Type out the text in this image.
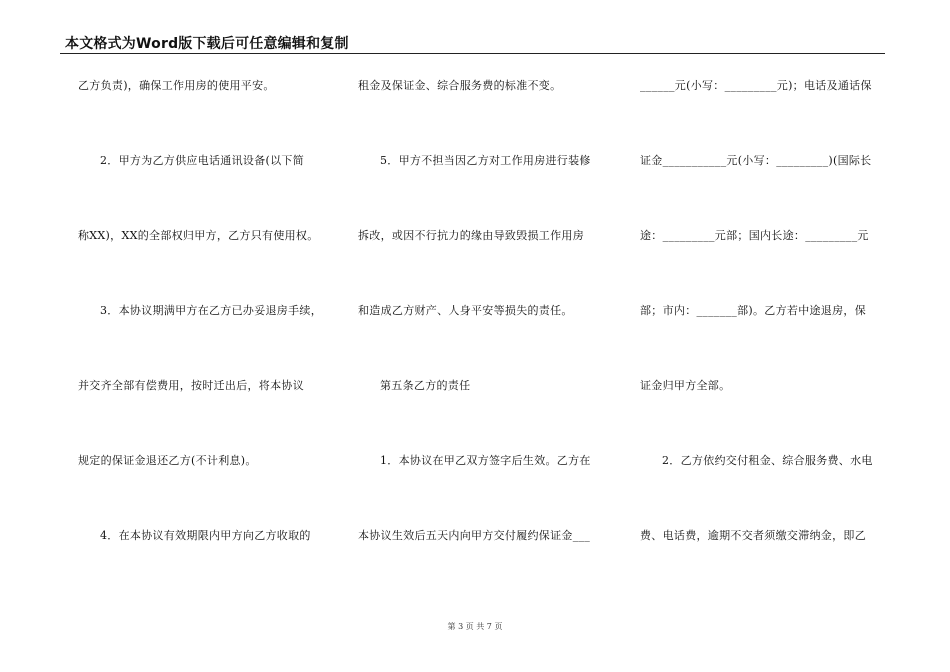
本文格式为Word版下载后可任意编辑和复制
乙方负责)，确保工作用房的使用平安。
2．甲方为乙方供应电话通讯设备(以下简
称XX)，XX的全部权归甲方，乙方只有使用权。
3．本协议期满甲方在乙方已办妥退房手续，
并交齐全部有偿费用，按时迁出后，将本协议
规定的保证金退还乙方(不计利息)。
4．在本协议有效期限内甲方向乙方收取的
租金及保证金、综合服务费的标准不变。
5．甲方不担当因乙方对工作用房进行装修
拆改，或因不行抗力的缘由导致毁损工作用房
和造成乙方财产、人身平安等损失的责任。
第五条乙方的责任
1．本协议在甲乙双方签字后生效。乙方在
本协议生效后五天内向甲方交付履约保证金___
______元(小写：_________元)；电话及通话保
证金___________元(小写：_________)(国际长
途：_________元部；国内长途：_________元
部；市内：_______部)。乙方若中途退房，保
证金归甲方全部。
2．乙方依约交付租金、综合服务费、水电
费、电话费，逾期不交者须缴交滞纳金，即乙
第 3 页 共 7 页
